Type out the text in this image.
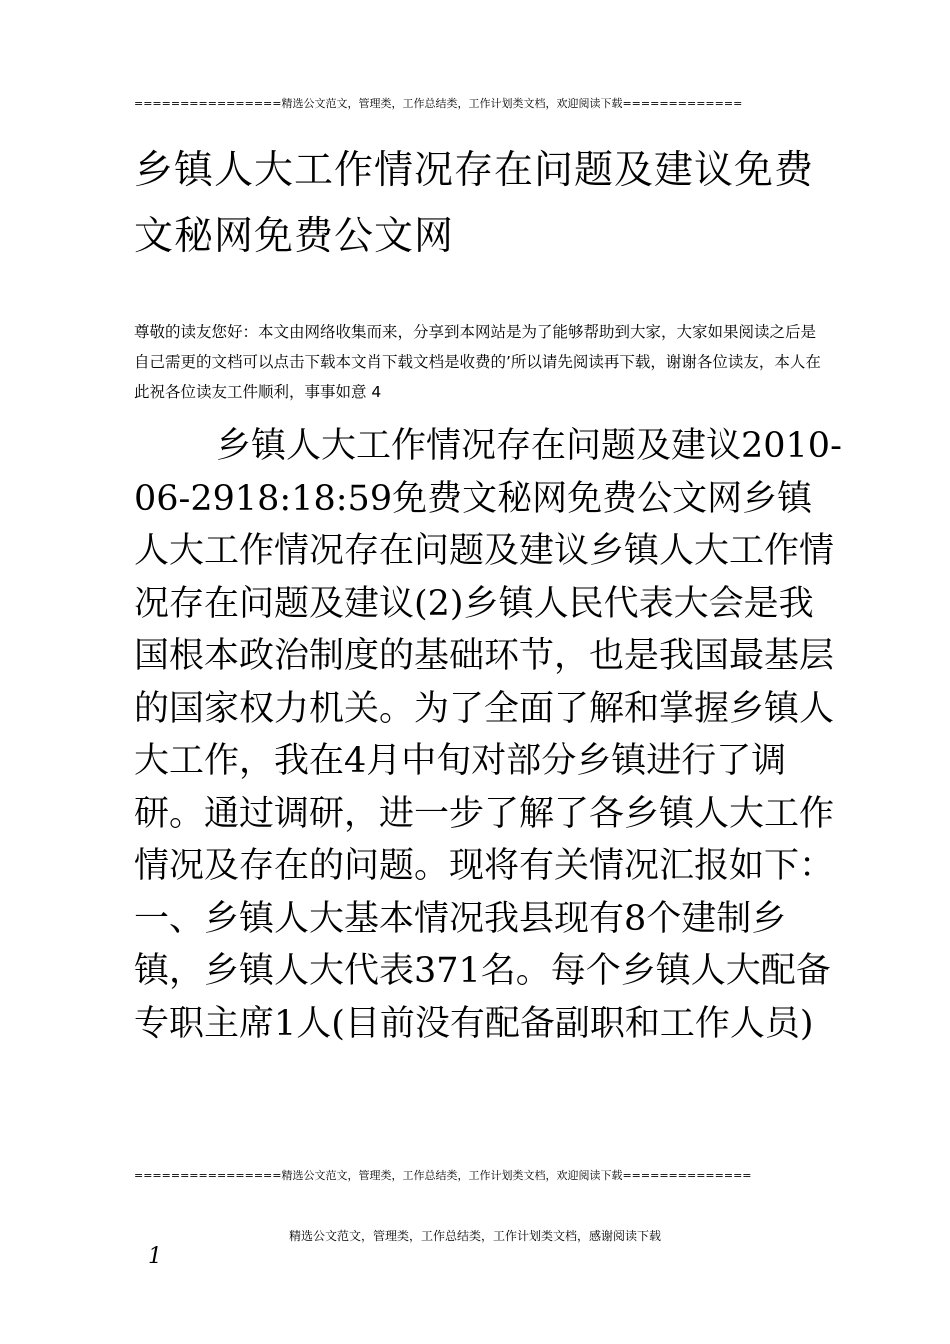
================精选公文范文，管理类，工作总结类，工作计划类文档，欢迎阅读下载=============
乡镇人大工作情况存在问题及建议免费文秘网免费公文网
尊敬的读友您好：本文由网络收集而来，分享到本网站是为了能够帮助到大家，大家如果阅读之后是自己需更的文档可以点击下载本文肖下载文档是收费的’所以请先阅读再下载，谢谢各位读友，本人在此祝各位读友工件顺利，事事如意 4
乡镇人大工作情况存在问题及建议2010-06-2918:18:59免费文秘网免费公文网乡镇人大工作情况存在问题及建议乡镇人大工作情况存在问题及建议(2)乡镇人民代表大会是我国根本政治制度的基础环节，也是我国最基层的国家权力机关。为了全面了解和掌握乡镇人大工作，我在4月中旬对部分乡镇进行了调研。通过调研，进一步了解了各乡镇人大工作情况及存在的问题。现将有关情况汇报如下：一、乡镇人大基本情况我县现有8个建制乡镇，乡镇人大代表371名。每个乡镇人大配备专职主席1人(目前没有配备副职和工作人员)
================精选公文范文，管理类，工作总结类，工作计划类文档，欢迎阅读下载==============
精选公文范文，管理类，工作总结类，工作计划类文档，感谢阅读下载
1
